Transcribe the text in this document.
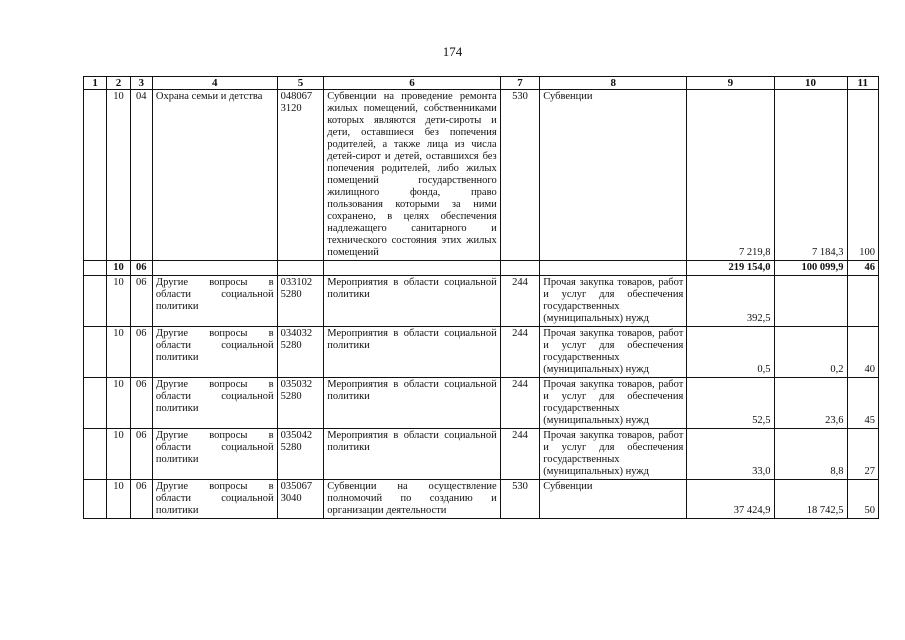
174
1	2	3	4	5	6	7	8	9	10	11
	10	04	Охрана семьи и детства	048067 3120	Субвенции на проведение ремонта жилых помещений, собственниками которых являются дети-сироты и дети, оставшиеся без попечения родителей, а также лица из числа детей-сирот и детей, оставшихся без попечения родителей, либо жилых помещений государственного жилищного фонда, право пользования которыми за ними сохранено, в целях обеспечения надлежащего санитарного и технического состояния этих жилых помещений	530	Субвенции	7 219,8	7 184,3	100
	10	06						219 154,0	100 099,9	46
	10	06	Другие вопросы в области социальной политики	033102 5280	Мероприятия в области социальной политики	244	Прочая закупка товаров, работ и услуг для обеспечения государственных (муниципальных) нужд	392,5		
	10	06	Другие вопросы в области социальной политики	034032 5280	Мероприятия в области социальной политики	244	Прочая закупка товаров, работ и услуг для обеспечения государственных (муниципальных) нужд	0,5	0,2	40
	10	06	Другие вопросы в области социальной политики	035032 5280	Мероприятия в области социальной политики	244	Прочая закупка товаров, работ и услуг для обеспечения государственных (муниципальных) нужд	52,5	23,6	45
	10	06	Другие вопросы в области социальной политики	035042 5280	Мероприятия в области социальной политики	244	Прочая закупка товаров, работ и услуг для обеспечения государственных (муниципальных) нужд	33,0	8,8	27
	10	06	Другие вопросы в области социальной политики	035067 3040	Субвенции на осуществление полномочий по созданию и организации деятельности	530	Субвенции	37 424,9	18 742,5	50
